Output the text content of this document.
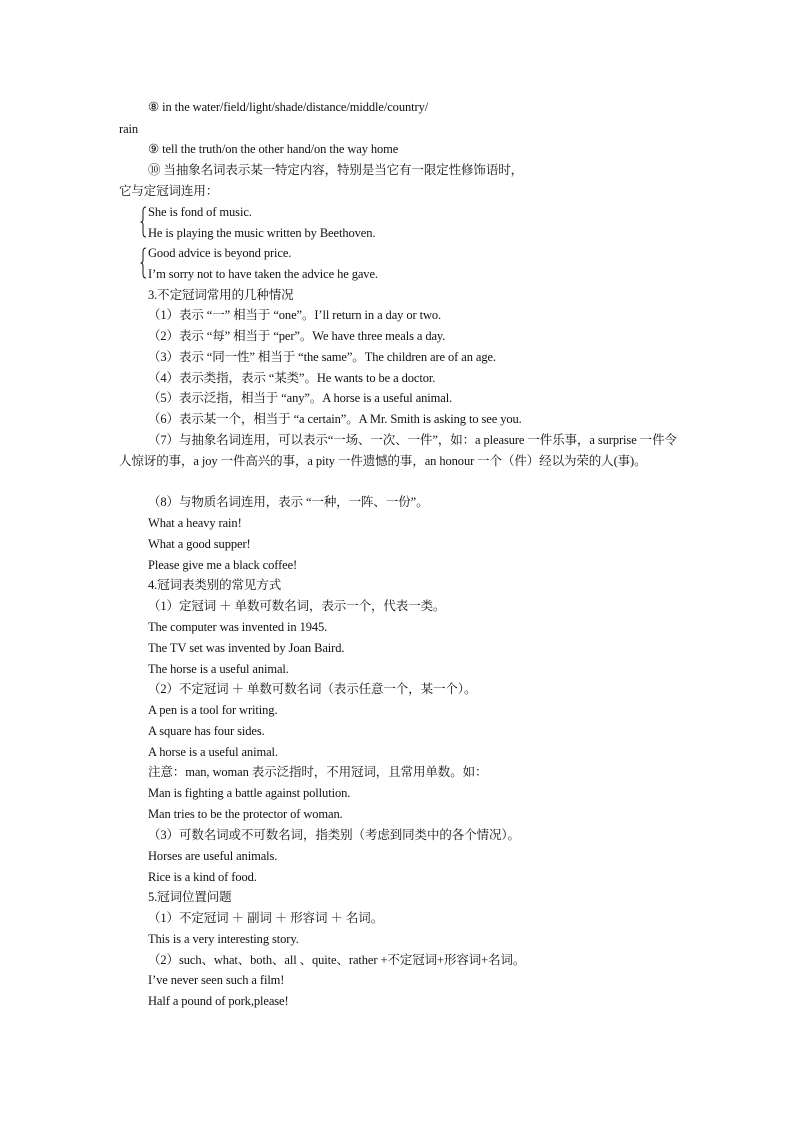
⑧ in the water/field/light/shade/distance/middle/country/
rain
⑨ tell the truth/on the other hand/on the way home
⑩ 当抽象名词表示某一特定内容，特别是当它有一限定性修饰语时，
它与定冠词连用：
She is fond of music.
He is playing the music written by Beethoven.
Good advice is beyond price.
I’m sorry not to have taken the advice he gave.
3.不定冠词常用的几种情况
（1）表示 “一” 相当于 “one”。I’ll return in a day or two.
（2）表示 “每” 相当于 “per”。We have three meals a day.
（3）表示 “同一性” 相当于 “the same”。The children are of an age.
（4）表示类指，表示 “某类”。He wants to be a doctor.
（5）表示泛指，相当于 “any”。A horse is a useful animal.
（6）表示某一个，相当于 “a certain”。A Mr. Smith is asking to see you.
（7）与抽象名词连用，可以表示“一场、一次、一件”，如：a pleasure 一件乐事，a surprise 一件令人惊讶的事，a joy 一件高兴的事，a pity 一件遗憾的事，an honour 一个（件）经以为荣的人(事)。
（8）与物质名词连用，表示 “一种，一阵、一份”。
What a heavy rain!
What a good supper!
Please give me a black coffee!
4.冠词表类别的常见方式
（1）定冠词 ＋ 单数可数名词，表示一个，代表一类。
The computer was invented in 1945.
The TV set was invented by Joan Baird.
The horse is a useful animal.
（2）不定冠词 ＋ 单数可数名词（表示任意一个，某一个）。
A pen is a tool for writing.
A square has four sides.
A horse is a useful animal.
注意：man, woman 表示泛指时，不用冠词，且常用单数。如：
Man is fighting a battle against pollution.
Man tries to be the protector of woman.
（3）可数名词或不可数名词，指类别（考虑到同类中的各个情况）。
Horses are useful animals.
Rice is a kind of food.
5.冠词位置问题
（1）不定冠词 ＋ 副词 ＋ 形容词 ＋ 名词。
This is a very interesting story.
（2）such、what、both、all 、quite、rather +不定冠词+形容词+名词。
I’ve never seen such a film!
Half a pound of pork,please!
